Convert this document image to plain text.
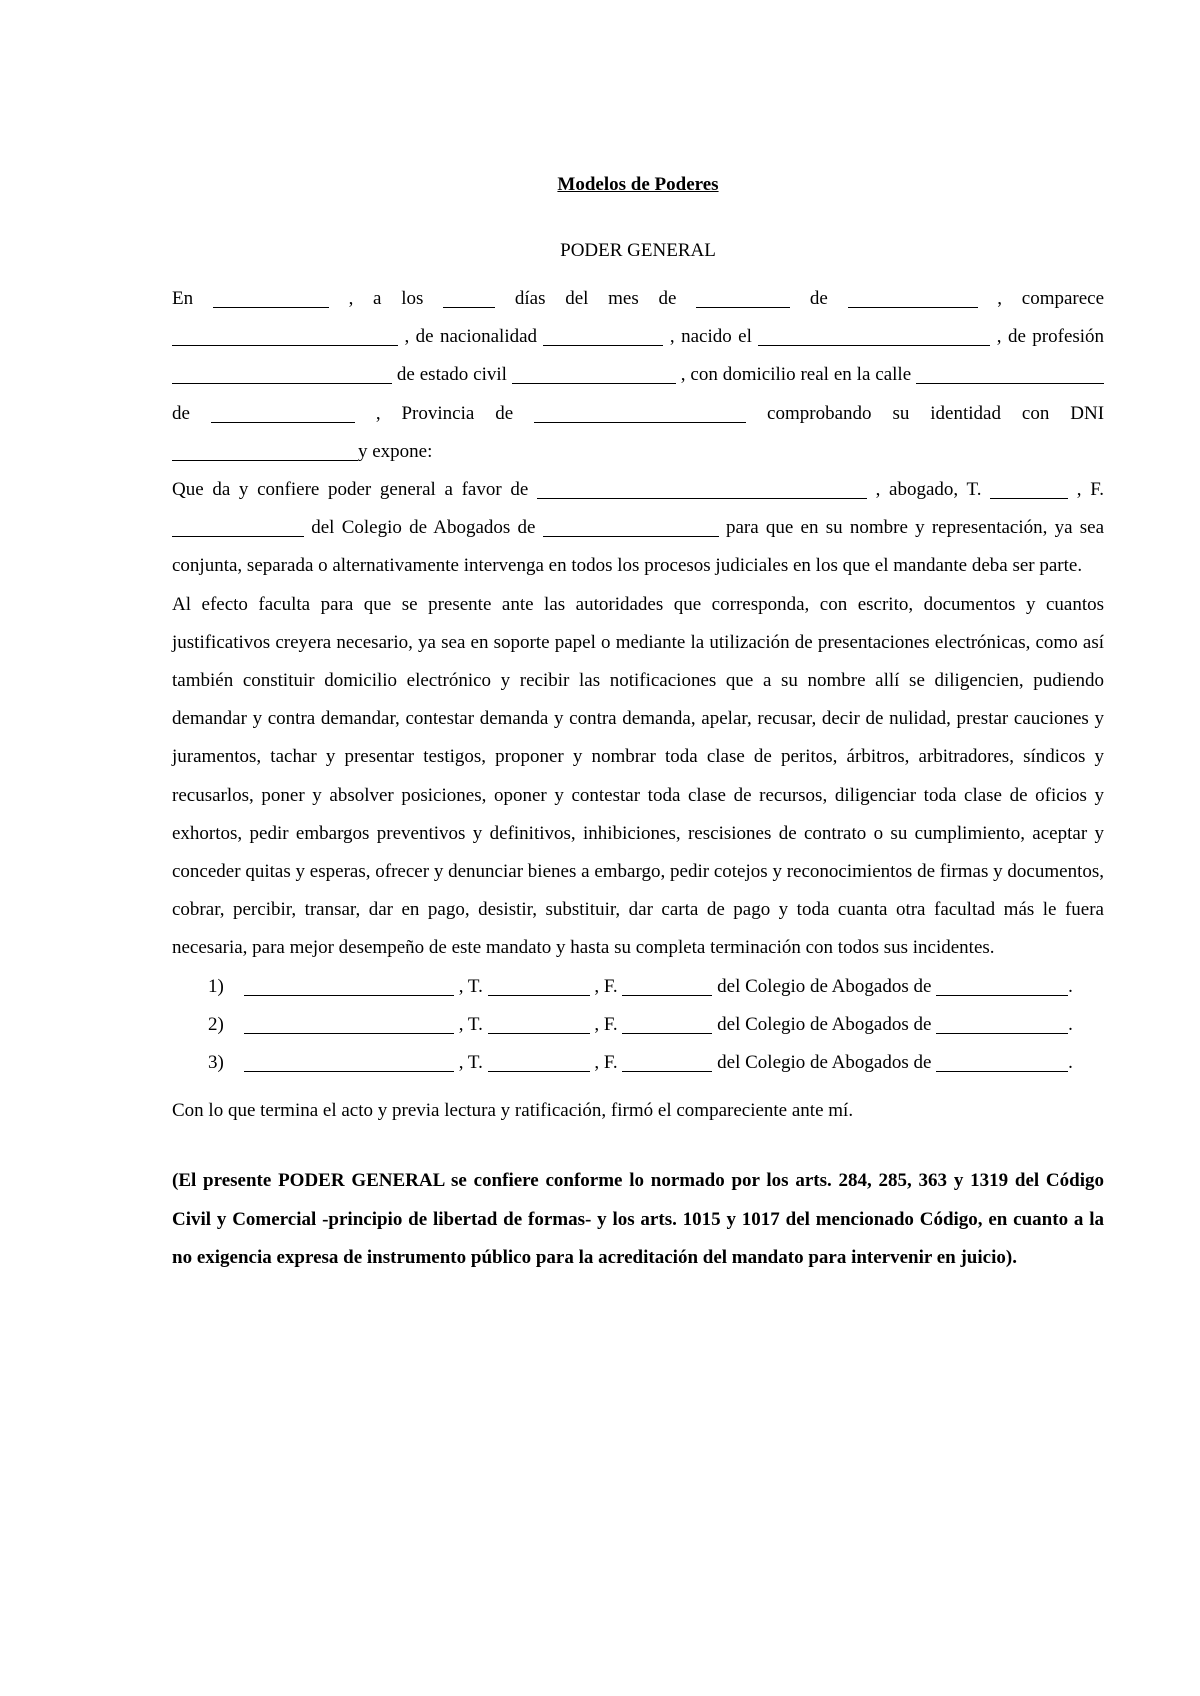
Modelos de Poderes
PODER GENERAL

En	, a los	días del mes de	de	, comparece  , de nacionalidad	, nacido el	, de profesión  de estado civil	, con domicilio real en la calle  de	, Provincia de	comprobando su identidad con DNI y expone:

Que da y confiere poder general a favor de	, abogado, T.	, F.  del Colegio de Abogados de	para que en su nombre y representación, ya sea conjunta, separada o alternativamente intervenga en todos los procesos judiciales en los que el mandante deba ser parte.

Al efecto faculta para que se presente ante las autoridades que corresponda, con escrito, documentos y cuantos justificativos creyera necesario, ya sea en soporte papel o mediante la utilización de presentaciones electrónicas, como así también constituir domicilio electrónico y recibir las notificaciones que a su nombre allí se diligencien, pudiendo demandar y contra demandar, contestar demanda y contra demanda, apelar, recusar, decir de nulidad, prestar cauciones y juramentos, tachar y presentar testigos, proponer y nombrar toda clase de peritos, árbitros, arbitradores, síndicos y recusarlos, poner y absolver posiciones, oponer y contestar toda clase de recursos, diligenciar toda clase de oficios y exhortos, pedir embargos preventivos y definitivos, inhibiciones, rescisiones de contrato o su cumplimiento, aceptar y conceder quitas y esperas, ofrecer y denunciar bienes a embargo, pedir cotejos y reconocimientos de firmas y documentos, cobrar, percibir, transar, dar en pago, desistir, substituir, dar carta de pago y toda cuanta otra facultad más le fuera necesaria, para mejor desempeño de este mandato y hasta su completa terminación con todos sus incidentes.

1)	, T.	, F.	del Colegio de Abogados de	.
2)	, T.	, F.	del Colegio de Abogados de	.
3)	, T.	, F.	del Colegio de Abogados de	.

Con lo que termina el acto y previa lectura y ratificación, firmó el compareciente ante mí.

(El presente PODER GENERAL se confiere conforme lo normado por los arts. 284, 285, 363 y 1319 del Código Civil y Comercial -principio de libertad de formas- y los arts. 1015 y 1017 del mencionado Código, en cuanto a la no exigencia expresa de instrumento público para la acreditación del mandato para intervenir en juicio).
